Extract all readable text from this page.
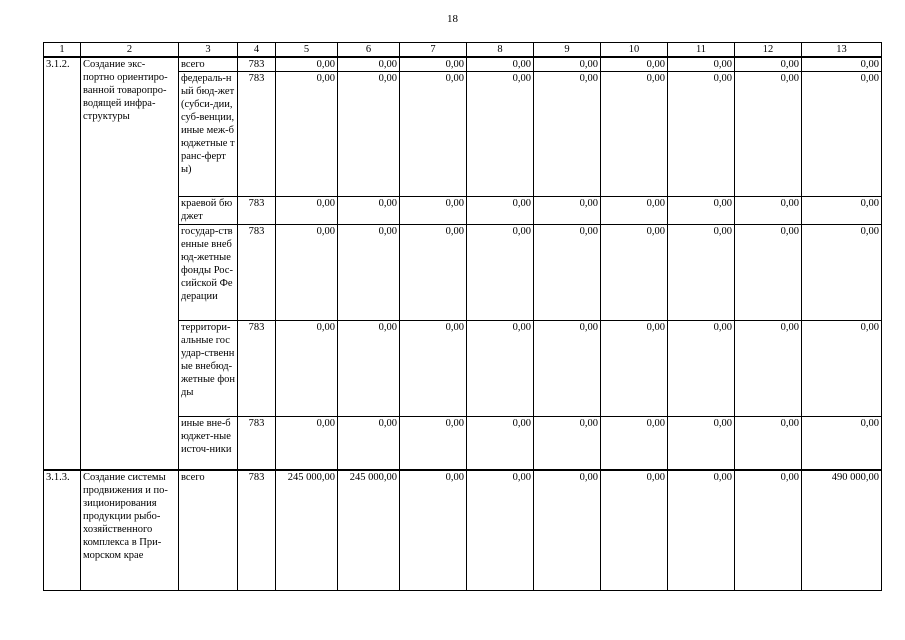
18
1	2	3	4	5	6	7	8	9	10	11	12	13
3.1.2.	Создание экс-портно ориентиро-ванной товаропро-водящей инфра-структуры	всего	783	0,00	0,00	0,00	0,00	0,00	0,00	0,00	0,00	0,00
		федераль-ный бюд-жет (субси-дии, суб-венции, иные меж-бюджетные транс-ферты)	783	0,00	0,00	0,00	0,00	0,00	0,00	0,00	0,00	0,00
		краевой бюджет	783	0,00	0,00	0,00	0,00	0,00	0,00	0,00	0,00	0,00
		государ-ственные внебюд-жетные фонды Рос-сийской Федерации	783	0,00	0,00	0,00	0,00	0,00	0,00	0,00	0,00	0,00
		территори-альные государ-ственные внебюд-жетные фонды	783	0,00	0,00	0,00	0,00	0,00	0,00	0,00	0,00	0,00
		иные вне-бюджет-ные источ-ники	783	0,00	0,00	0,00	0,00	0,00	0,00	0,00	0,00	0,00
3.1.3.	Создание системы продвижения и по-зиционирования продукции рыбо-хозяйственного комплекса в При-морском крае	всего	783	245 000,00	245 000,00	0,00	0,00	0,00	0,00	0,00	0,00	490 000,00
